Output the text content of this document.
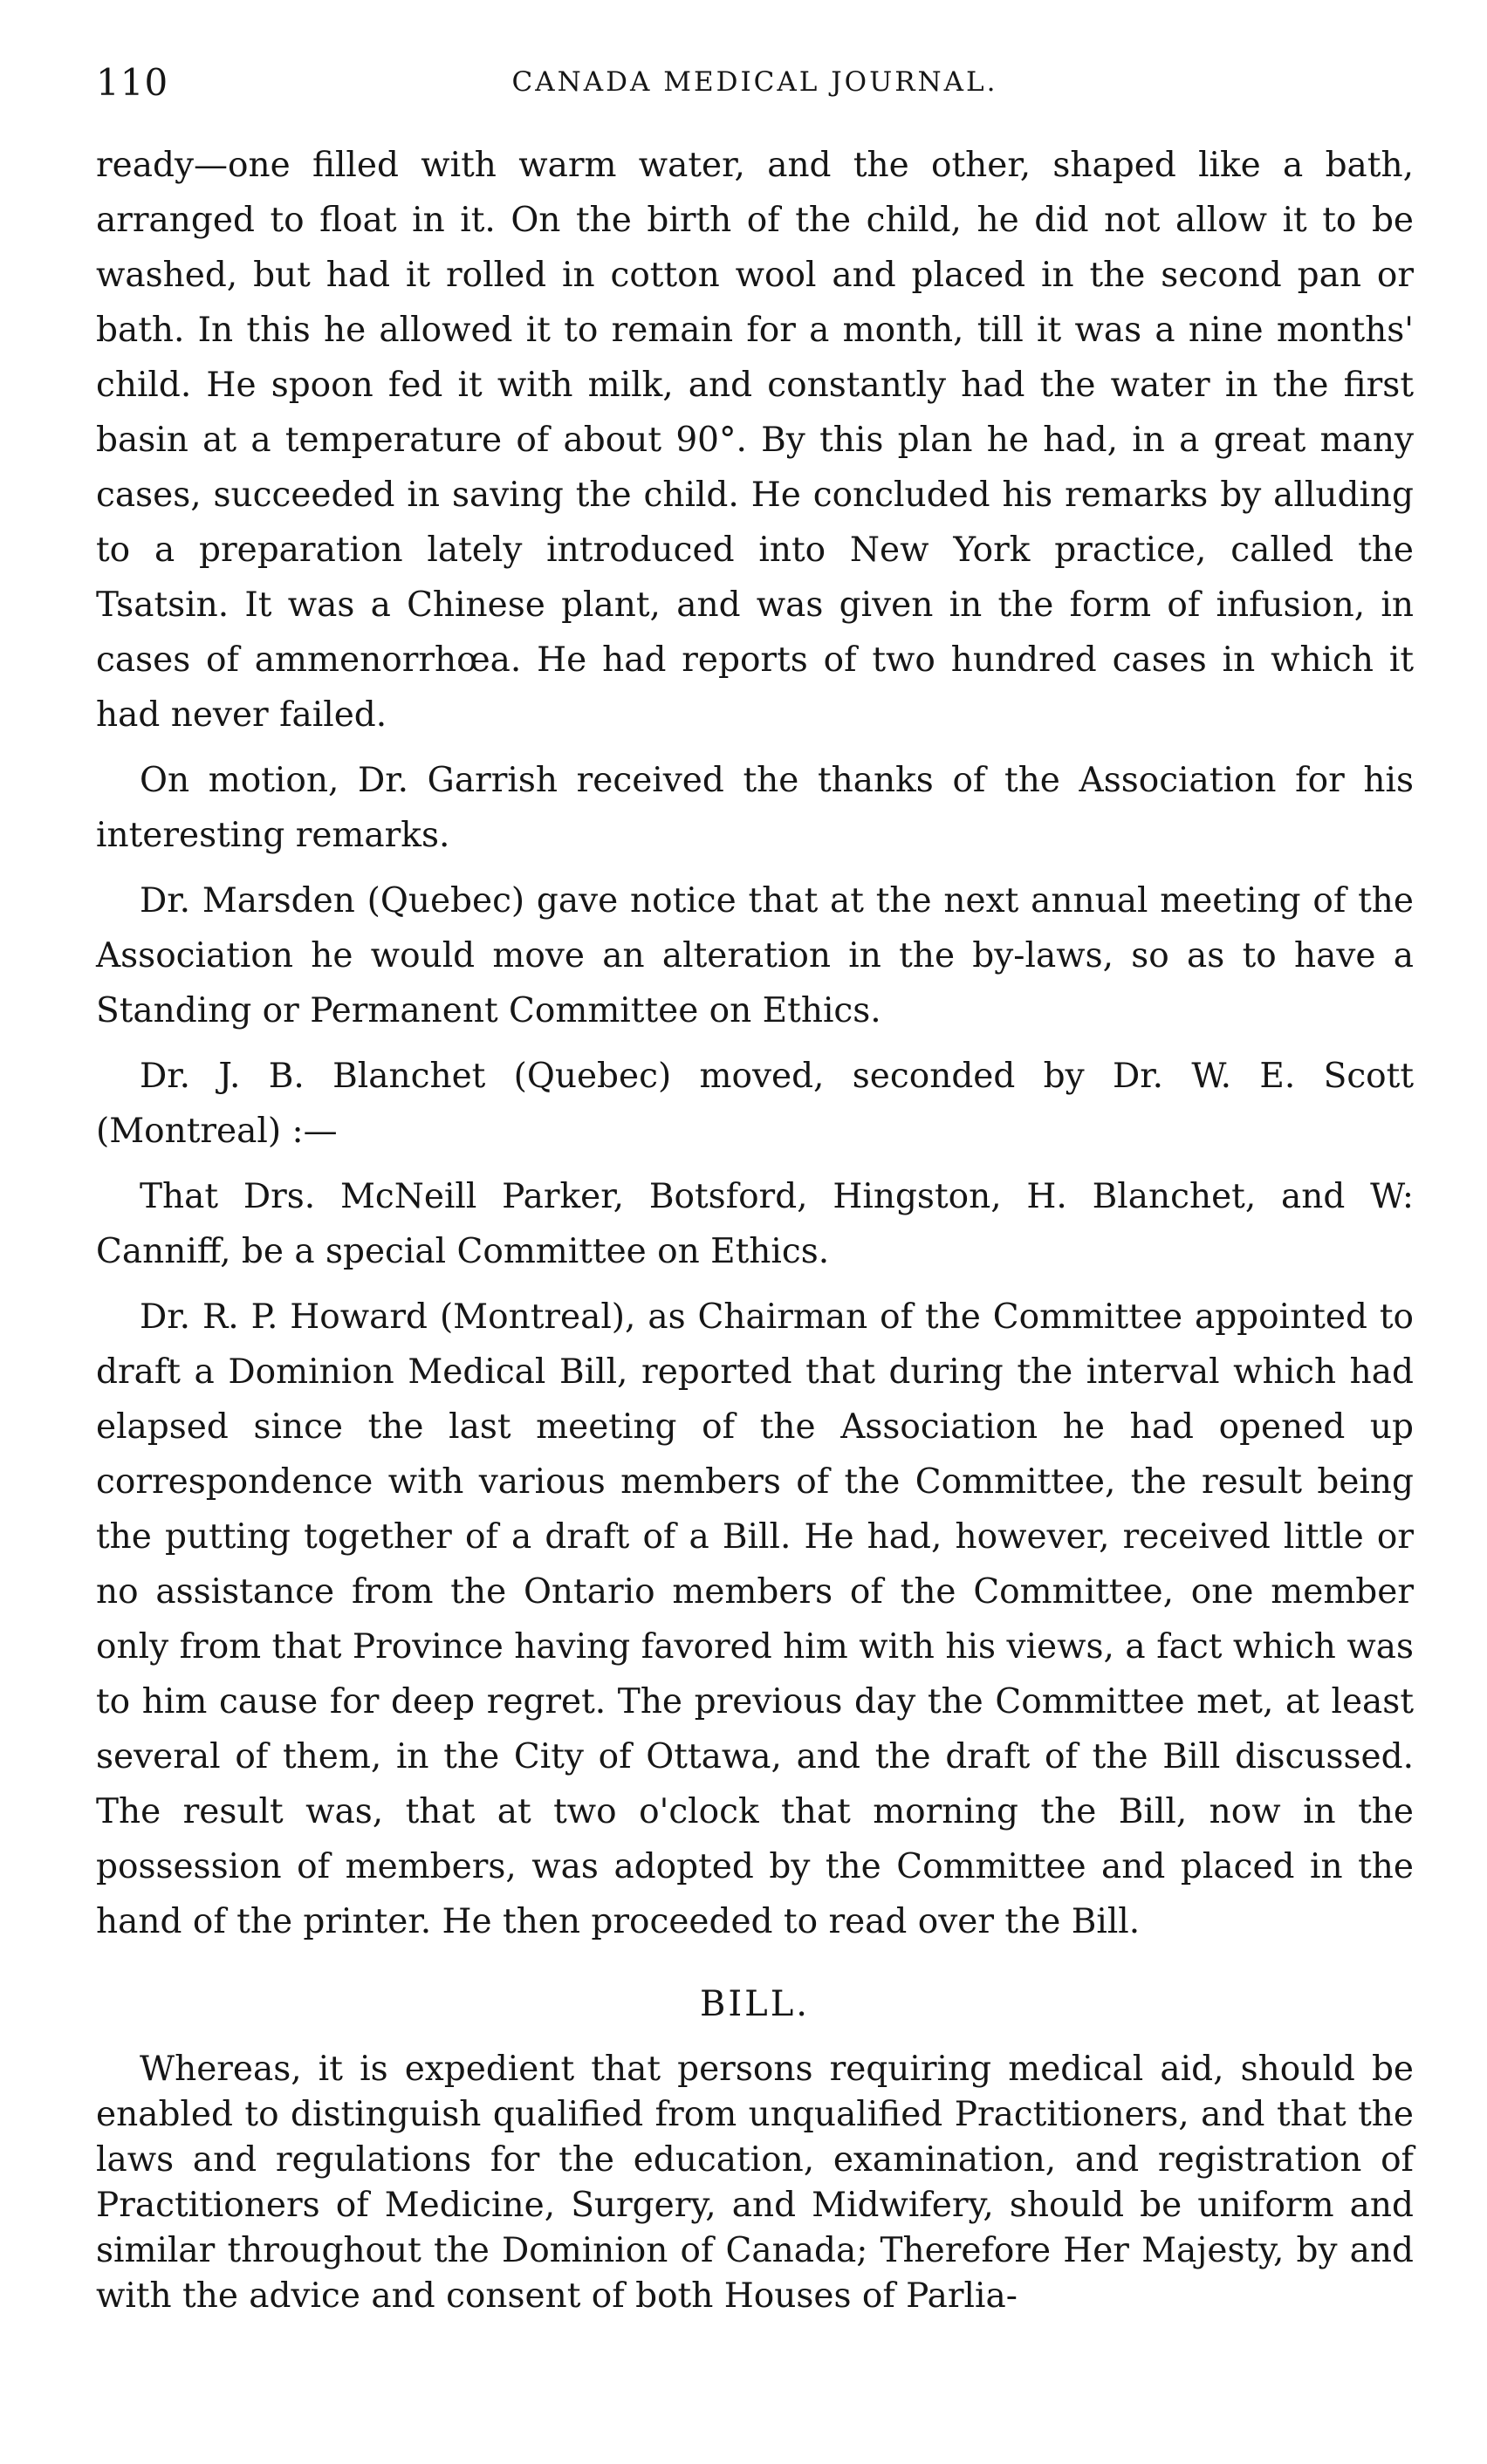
110	CANADA MEDICAL JOURNAL.

ready—one filled with warm water, and the other, shaped like a bath, arranged to float in it. On the birth of the child, he did not allow it to be washed, but had it rolled in cotton wool and placed in the second pan or bath. In this he allowed it to remain for a month, till it was a nine months' child. He spoon fed it with milk, and constantly had the water in the first basin at a temperature of about 90°. By this plan he had, in a great many cases, succeeded in saving the child. He concluded his remarks by alluding to a preparation lately introduced into New York practice, called the Tsatsin. It was a Chinese plant, and was given in the form of infusion, in cases of ammenorrhœa. He had reports of two hundred cases in which it had never failed.

On motion, Dr. Garrish received the thanks of the Association for his interesting remarks.

Dr. Marsden (Quebec) gave notice that at the next annual meeting of the Association he would move an alteration in the by-laws, so as to have a Standing or Permanent Committee on Ethics.

Dr. J. B. Blanchet (Quebec) moved, seconded by Dr. W. E. Scott (Montreal) :—

That Drs. McNeill Parker, Botsford, Hingston, H. Blanchet, and W: Canniff, be a special Committee on Ethics.

Dr. R. P. Howard (Montreal), as Chairman of the Committee appointed to draft a Dominion Medical Bill, reported that during the interval which had elapsed since the last meeting of the Association he had opened up correspondence with various members of the Committee, the result being the putting together of a draft of a Bill. He had, however, received little or no assistance from the Ontario members of the Committee, one member only from that Province having favored him with his views, a fact which was to him cause for deep regret. The previous day the Committee met, at least several of them, in the City of Ottawa, and the draft of the Bill discussed. The result was, that at two o'clock that morning the Bill, now in the possession of members, was adopted by the Committee and placed in the hand of the printer. He then proceeded to read over the Bill.

BILL.

Whereas, it is expedient that persons requiring medical aid, should be enabled to distinguish qualified from unqualified Practitioners, and that the laws and regulations for the education, examination, and registration of Practitioners of Medicine, Surgery, and Midwifery, should be uniform and similar throughout the Dominion of Canada; Therefore Her Majesty, by and with the advice and consent of both Houses of Parlia-
